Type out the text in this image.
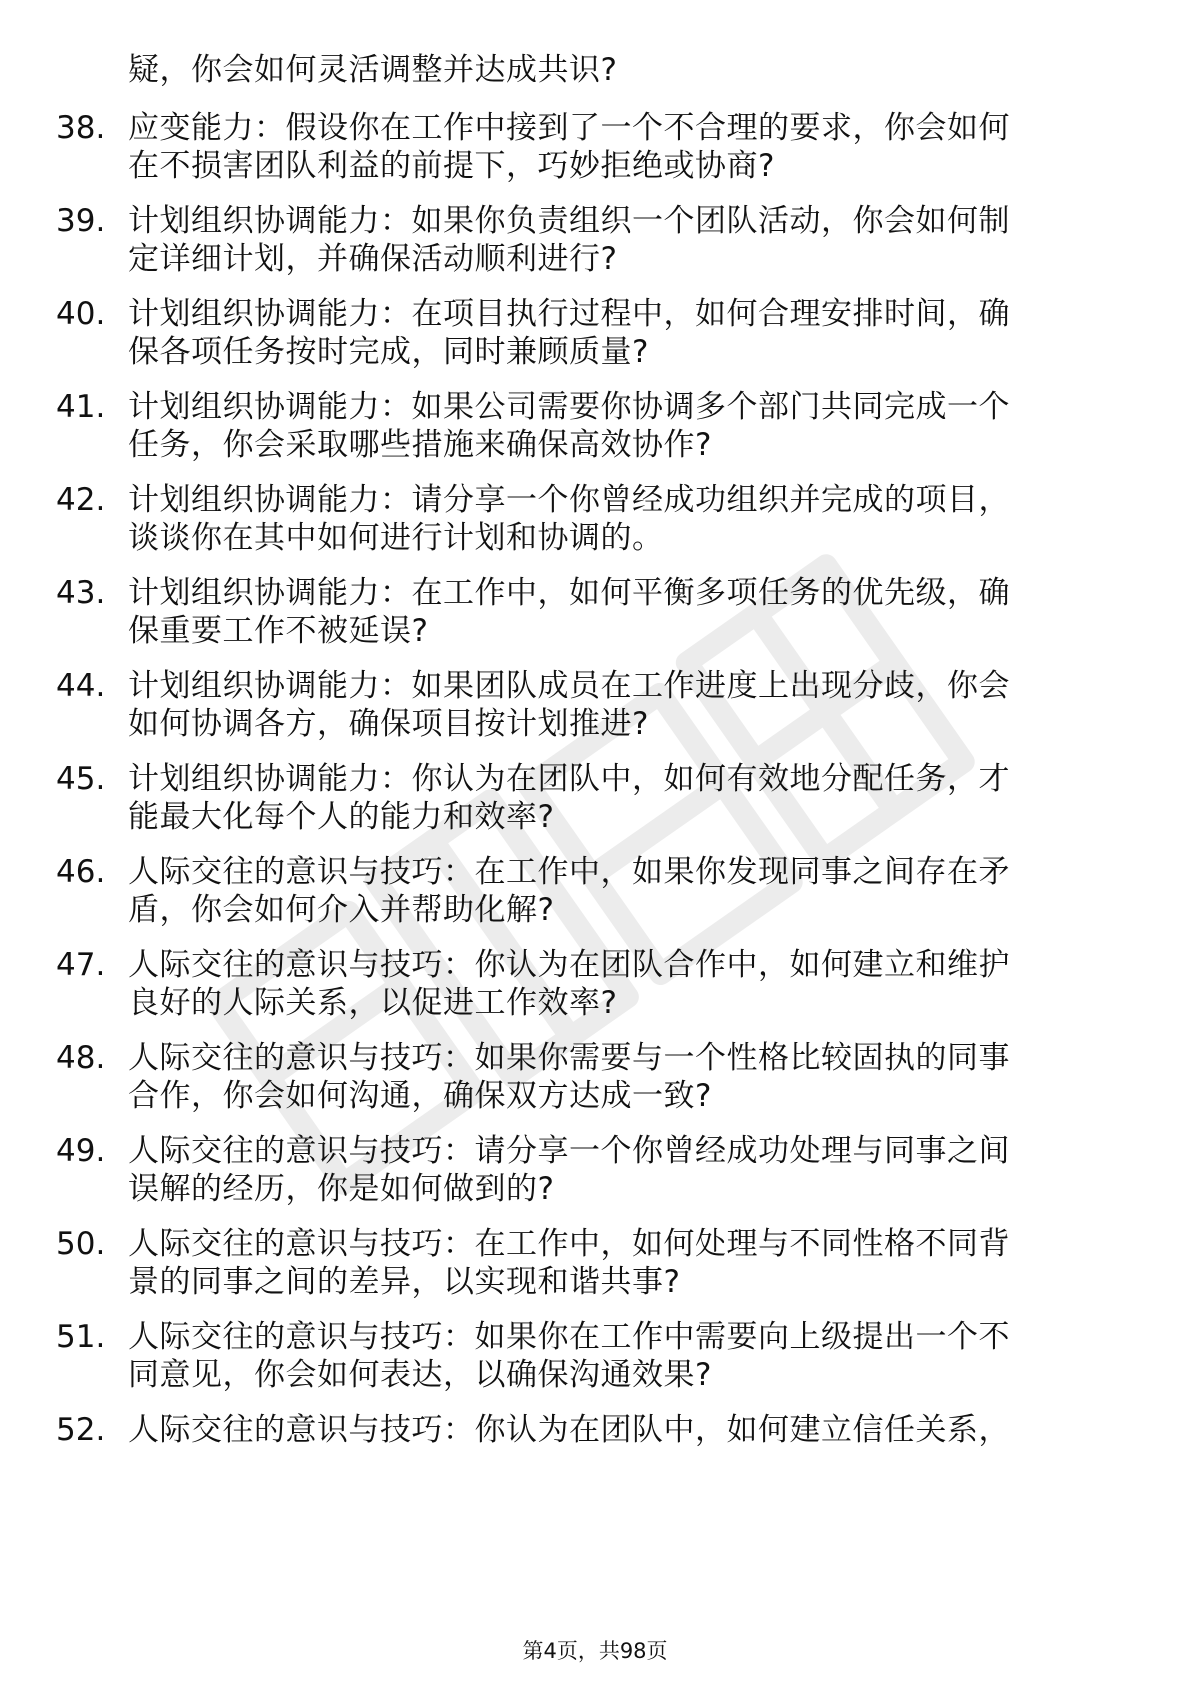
疑，你会如何灵活调整并达成共识?
38. 应变能力：假设你在工作中接到了一个不合理的要求，你会如何
在不损害团队利益的前提下，巧妙拒绝或协商?
39. 计划组织协调能力：如果你负责组织一个团队活动，你会如何制
定详细计划，并确保活动顺利进行?
40. 计划组织协调能力：在项目执行过程中，如何合理安排时间，确
保各项任务按时完成，同时兼顾质量?
41. 计划组织协调能力：如果公司需要你协调多个部门共同完成一个
任务，你会采取哪些措施来确保高效协作?
42. 计划组织协调能力：请分享一个你曾经成功组织并完成的项目，
谈谈你在其中如何进行计划和协调的。
43. 计划组织协调能力：在工作中，如何平衡多项任务的优先级，确
保重要工作不被延误?
44. 计划组织协调能力：如果团队成员在工作进度上出现分歧，你会
如何协调各方，确保项目按计划推进?
45. 计划组织协调能力：你认为在团队中，如何有效地分配任务，才
能最大化每个人的能力和效率?
46. 人际交往的意识与技巧：在工作中，如果你发现同事之间存在矛
盾，你会如何介入并帮助化解?
47. 人际交往的意识与技巧：你认为在团队合作中，如何建立和维护
良好的人际关系，以促进工作效率?
48. 人际交往的意识与技巧：如果你需要与一个性格比较固执的同事
合作，你会如何沟通，确保双方达成一致?
49. 人际交往的意识与技巧：请分享一个你曾经成功处理与同事之间
误解的经历，你是如何做到的?
50. 人际交往的意识与技巧：在工作中，如何处理与不同性格不同背
景的同事之间的差异，以实现和谐共事?
51. 人际交往的意识与技巧：如果你在工作中需要向上级提出一个不
同意见，你会如何表达，以确保沟通效果?
52. 人际交往的意识与技巧：你认为在团队中，如何建立信任关系，
第4页，共98页
